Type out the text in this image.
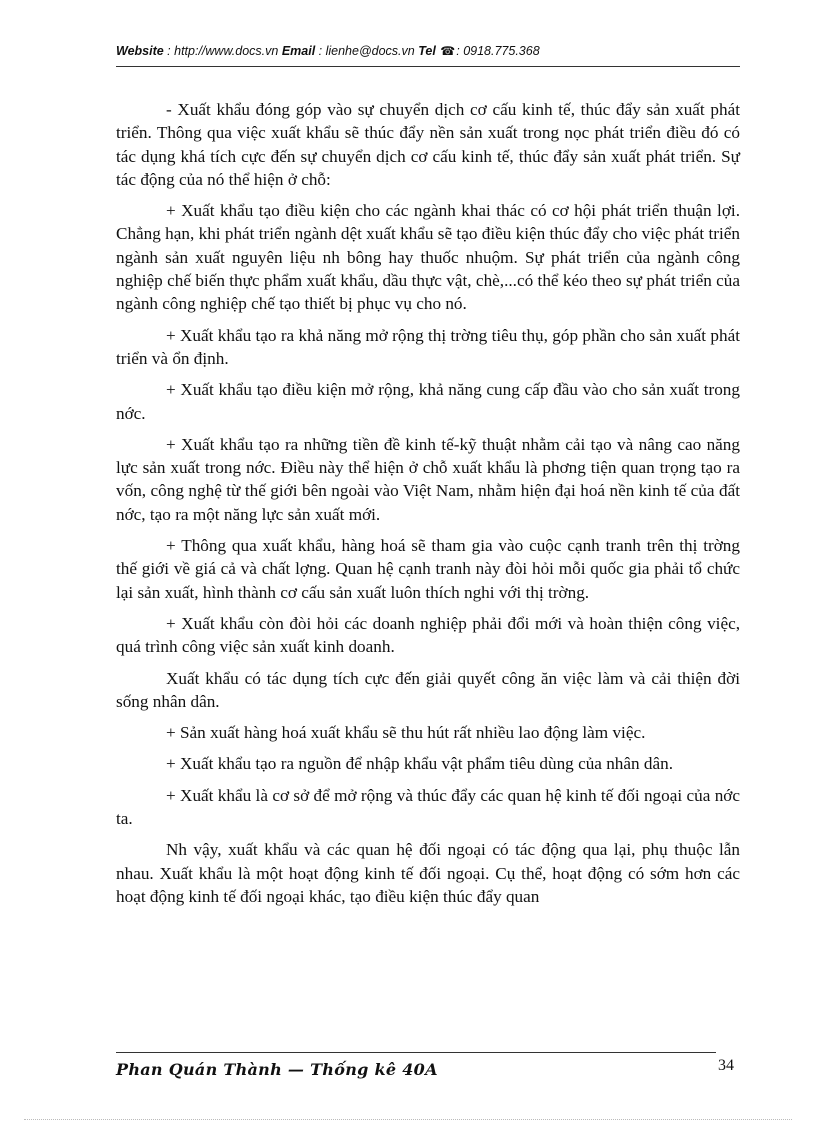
Website : http://www.docs.vn Email : lienhe@docs.vn Tel ☎: 0918.775.368

- Xuất khẩu đóng góp vào sự chuyển dịch cơ cấu kinh tế, thúc đẩy sản xuất phát triển. Thông qua việc xuất khẩu sẽ thúc đẩy nền sản xuất trong nọc phát triển điều đó có tác dụng khá tích cực đến sự chuyển dịch cơ cấu kinh tế, thúc đẩy sản xuất phát triển. Sự tác động của nó thể hiện ở chỗ:

+ Xuất khẩu tạo điều kiện cho các ngành khai thác có cơ hội phát triển thuận lợi. Chẳng hạn, khi phát triển ngành dệt xuất khẩu sẽ tạo điều kiện thúc đẩy cho việc phát triển ngành sản xuất nguyên liệu nh bông hay thuốc nhuộm. Sự phát triển của ngành công nghiệp chế biến thực phẩm xuất khẩu, dầu thực vật, chè,...có thể kéo theo sự phát triển của ngành công nghiệp chế tạo thiết bị phục vụ cho nó.

+ Xuất khẩu tạo ra khả năng mở rộng thị trờng tiêu thụ, góp phần cho sản xuất phát triển và ổn định.

+ Xuất khẩu tạo điều kiện mở rộng, khả năng cung cấp đầu vào cho sản xuất trong nớc.

+ Xuất khẩu tạo ra những tiền đề kinh tế-kỹ thuật nhằm cải tạo và nâng cao năng lực sản xuất trong nớc. Điều này thể hiện ở chỗ xuất khẩu là phơng tiện quan trọng tạo ra vốn, công nghệ từ thế giới bên ngoài vào Việt Nam, nhằm hiện đại hoá nền kinh tế của đất nớc, tạo ra một năng lực sản xuất mới.

+ Thông qua xuất khẩu, hàng hoá sẽ tham gia vào cuộc cạnh tranh trên thị trờng thế giới về giá cả và chất lợng. Quan hệ cạnh tranh này đòi hỏi mỗi quốc gia phải tổ chức lại sản xuất, hình thành cơ cấu sản xuất luôn thích nghi với thị trờng.

+ Xuất khẩu còn đòi hỏi các doanh nghiệp phải đổi mới và hoàn thiện công việc, quá trình công việc sản xuất kinh doanh.

Xuất khẩu có tác dụng tích cực đến giải quyết công ăn việc làm và cải thiện đời sống nhân dân.

+ Sản xuất hàng hoá xuất khẩu sẽ thu hút rất nhiều lao động làm việc.

+ Xuất khẩu tạo ra nguồn để nhập khẩu vật phẩm tiêu dùng của nhân dân.

+ Xuất khẩu là cơ sở để mở rộng và thúc đẩy các quan hệ kinh tế đối ngoại của nớc ta.

Nh vậy, xuất khẩu và các quan hệ đối ngoại có tác động qua lại, phụ thuộc lẫn nhau. Xuất khẩu là một hoạt động kinh tế đối ngoại. Cụ thể, hoạt động có sớm hơn các hoạt động kinh tế đối ngoại khác, tạo điều kiện thúc đẩy quan

Phan Quán Thành — Thống kê 40A	34
